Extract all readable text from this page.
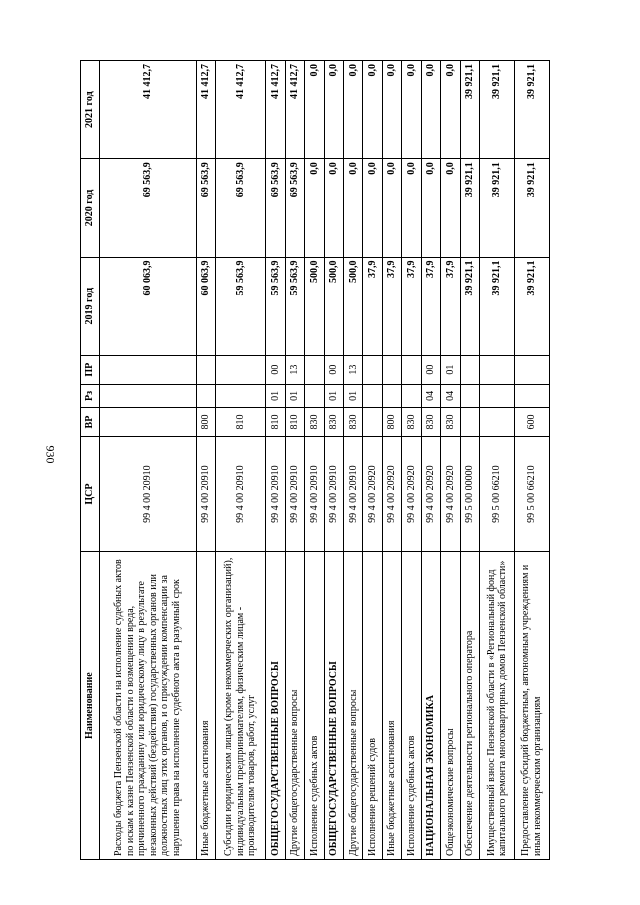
930
Наименование	ЦСР	ВР	Рз	ПР	2019 год	2020 год	2021 год
Расходы бюджета Пензенской области на исполнение судебных актов по искам к казне Пензенской области о возмещении вреда, причиненного гражданину или юридическому лицу в результате незаконных действий (бездействия) государственных органов или должностных лиц этих органов, и о присуждении компенсации за нарушение права на исполнение судебного акта в разумный срок	99 4 00 20910				60 063,9	69 563,9	41 412,7
Иные бюджетные ассигнования	99 4 00 20910	800			60 063,9	69 563,9	41 412,7
Субсидии юридическим лицам (кроме некоммерческих организаций), индивидуальным предпринимателям, физическим лицам - производителям товаров, работ, услуг	99 4 00 20910	810			59 563,9	69 563,9	41 412,7
ОБЩЕГОСУДАРСТВЕННЫЕ ВОПРОСЫ	99 4 00 20910	810	01	00	59 563,9	69 563,9	41 412,7
Другие общегосударственные вопросы	99 4 00 20910	810	01	13	59 563,9	69 563,9	41 412,7
Исполнение судебных актов	99 4 00 20910	830			500,0	0,0	0,0
ОБЩЕГОСУДАРСТВЕННЫЕ ВОПРОСЫ	99 4 00 20910	830	01	00	500,0	0,0	0,0
Другие общегосударственные вопросы	99 4 00 20910	830	01	13	500,0	0,0	0,0
Исполнение решений судов	99 4 00 20920				37,9	0,0	0,0
Иные бюджетные ассигнования	99 4 00 20920	800			37,9	0,0	0,0
Исполнение судебных актов	99 4 00 20920	830			37,9	0,0	0,0
НАЦИОНАЛЬНАЯ ЭКОНОМИКА	99 4 00 20920	830	04	00	37,9	0,0	0,0
Общеэкономические вопросы	99 4 00 20920	830	04	01	37,9	0,0	0,0
Обеспечение деятельности регионального оператора	99 5 00 00000				39 921,1	39 921,1	39 921,1
Имущественный взнос Пензенской области в «Региональный фонд капитального ремонта многоквартирных домов Пензенской области»	99 5 00 66210				39 921,1	39 921,1	39 921,1
Предоставление субсидий бюджетным, автономным учреждениям и иным некоммерческим организациям	99 5 00 66210	600			39 921,1	39 921,1	39 921,1
